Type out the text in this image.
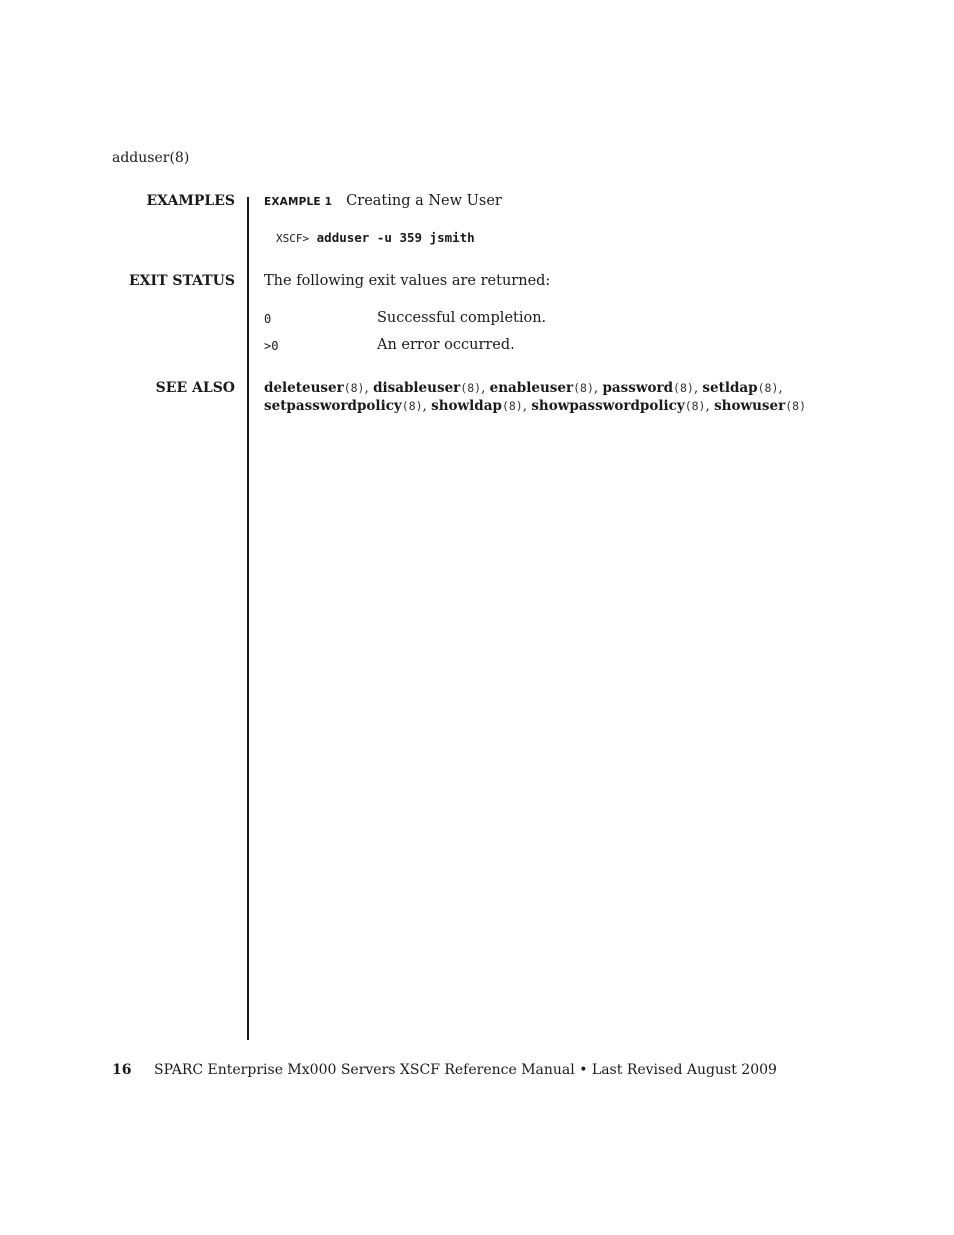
adduser(8)
EXAMPLES	EXAMPLE 1 Creating a New User
XSCF> adduser -u 359 jsmith
EXIT STATUS The following exit values are returned:
0	Successful completion.
>0	An error occurred.
SEE ALSO deleteuser(8), disableuser(8), enableuser(8), password(8), setldap(8),
setpasswordpolicy(8), showldap(8), showpasswordpolicy(8), showuser(8)
16 SPARC Enterprise Mx000 Servers XSCF Reference Manual • Last Revised August 2009
